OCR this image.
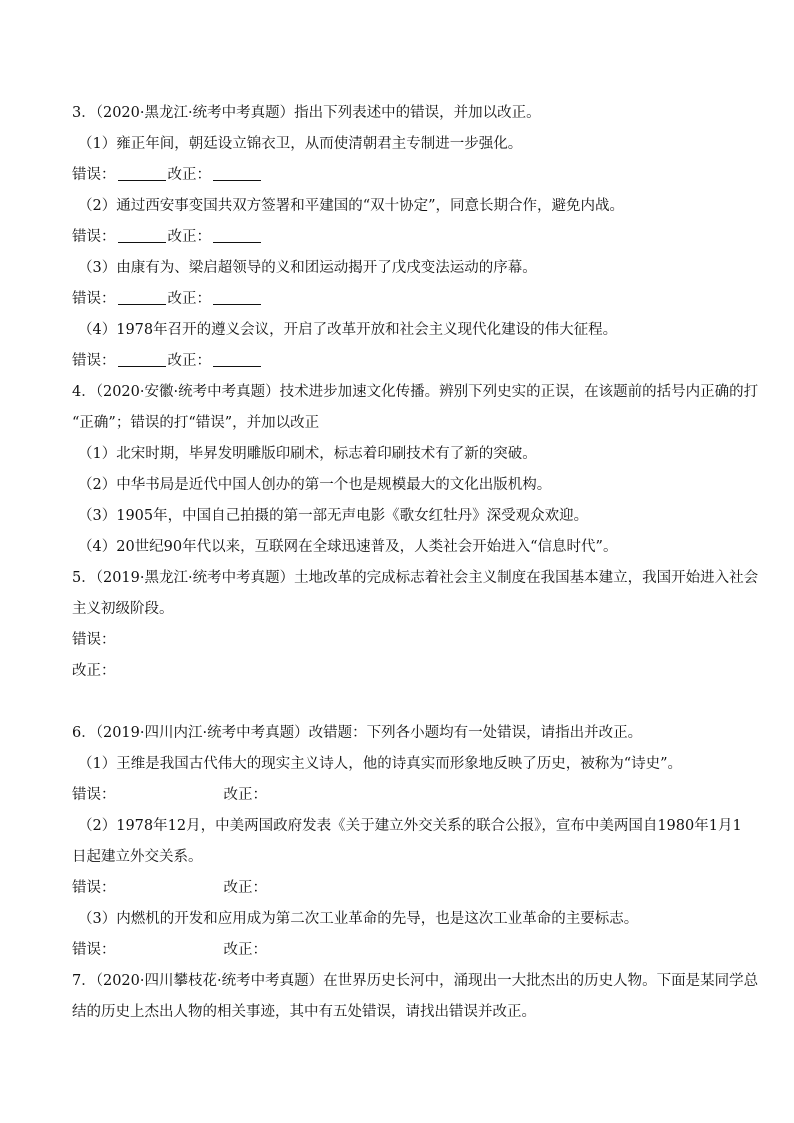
3．（2020·黑龙江·统考中考真题）指出下列表述中的错误，并加以改正。
（1）雍正年间，朝廷设立锦衣卫，从而使清朝君主专制进一步强化。
错误：	改正：
（2）通过西安事变国共双方签署和平建国的“双十协定”，同意长期合作，避免内战。
错误：	改正：
（3）由康有为、梁启超领导的义和团运动揭开了戊戌变法运动的序幕。
错误：	改正：
（4）1978年召开的遵义会议，开启了改革开放和社会主义现代化建设的伟大征程。
错误：	改正：
4．（2020·安徽·统考中考真题）技术进步加速文化传播。辨别下列史实的正误，在该题前的括号内正确的打
“正确”；错误的打“错误”，并加以改正
（1）北宋时期，毕昇发明雕版印刷术，标志着印刷技术有了新的突破。
（2）中华书局是近代中国人创办的第一个也是规模最大的文化出版机构。
（3）1905年，中国自己拍摄的第一部无声电影《歌女红牡丹》深受观众欢迎。
（4）20世纪90年代以来，互联网在全球迅速普及，人类社会开始进入“信息时代”。
5．（2019·黑龙江·统考中考真题）土地改革的完成标志着社会主义制度在我国基本建立，我国开始进入社会
主义初级阶段。
错误：
改正：
6．（2019·四川内江·统考中考真题）改错题：下列各小题均有一处错误，请指出并改正。
（1）王维是我国古代伟大的现实主义诗人，他的诗真实而形象地反映了历史，被称为“诗史”。
错误：	改正：
（2）1978年12月，中美两国政府发表《关于建立外交关系的联合公报》，宣布中美两国自1980年1月1
日起建立外交关系。
错误：	改正：
（3）内燃机的开发和应用成为第二次工业革命的先导，也是这次工业革命的主要标志。
错误：	改正：
7．（2020·四川攀枝花·统考中考真题）在世界历史长河中，涌现出一大批杰出的历史人物。下面是某同学总
结的历史上杰出人物的相关事迹，其中有五处错误，请找出错误并改正。
